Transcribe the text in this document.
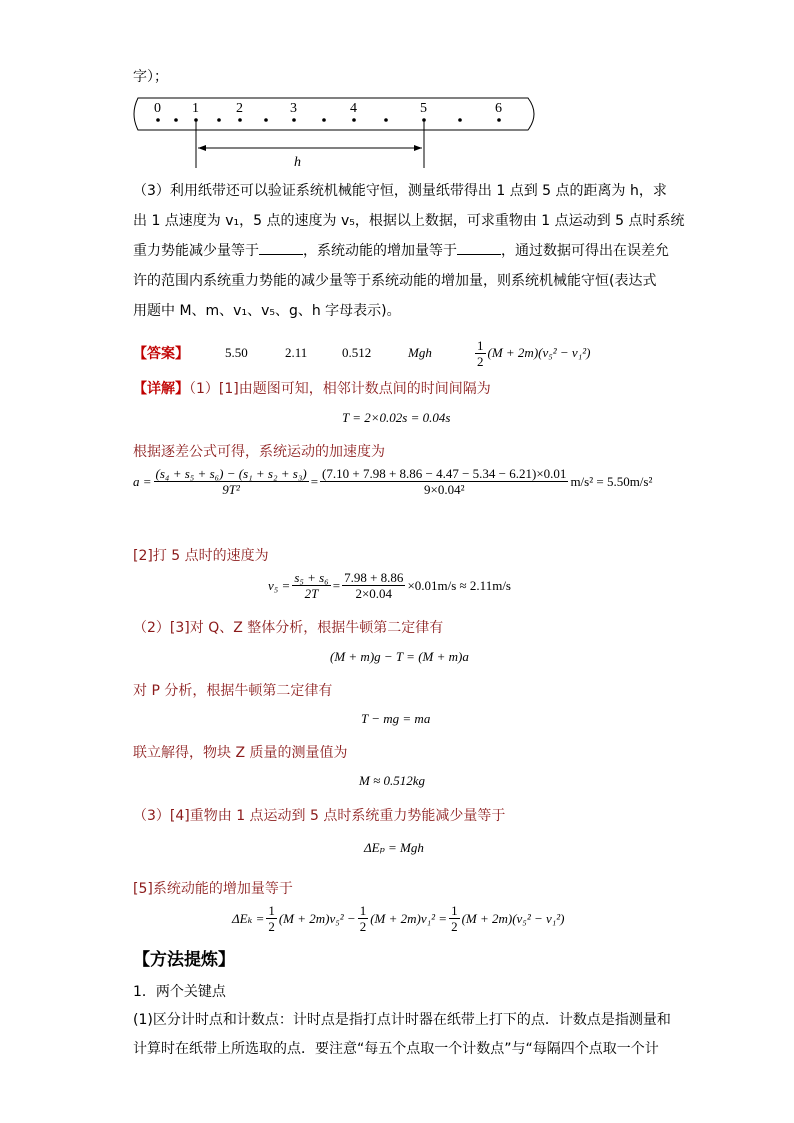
字）；
0 1	2	3	4	5	6
h
（3）利用纸带还可以验证系统机械能守恒，测量纸带得出 1 点到 5 点的距离为 h，求
出 1 点速度为 v₁，5 点的速度为 v₅，根据以上数据，可求重物由 1 点运动到 5 点时系统
重力势能减少量等于	，系统动能的增加量等于	，通过数据可得出在误差允
许的范围内系统重力势能的减少量等于系统动能的增加量，则系统机械能守恒(表达式
用题中 M、m、v₁、v₅、g、h 字母表示)。
【答案】	5.50	2.11	0.512	Mgh	$\frac{1}{2} (M + 2m)(v_5^2 - v_1^2)$
【详解】（1）[1]由题图可知，相邻计数点间的时间间隔为
T = 2×0.02s = 0.04s
根据逐差公式可得，系统运动的加速度为
$a = \frac{\text{(s₄ + s₅ + s₆) − (s₁ + s₂ + s₃)}}{\text{9T²}} = \frac{(7.10 + 7.98 + 8.86 - 4.47 - 5.34 - 6.21)\times 0.01}{\text{9×0.04²}} m/s^2 = 5.50m/s^2$
[2]打 5 点时的速度为
$v_5 = \frac{\text{s₅ + s₆}}{2T} = \frac{7.98 + 8.86}{2\times 0.04} \times 0.01m/s \approx 2.11m/s$
（2）[3]对 Q、Z 整体分析，根据牛顿第二定律有
(M + m)g − T = (M + m)a
对 P 分析，根据牛顿第二定律有
T − mg = ma
联立解得，物块 Z 质量的测量值为
M ≈ 0.512kg
（3）[4]重物由 1 点运动到 5 点时系统重力势能减少量等于
ΔEₚ = Mgh
[5]系统动能的增加量等于
$\Delta E_k = \frac{1}{2} (M + 2m)v_5^2 - \frac{1}{2} (M + 2m)v_1^2 = \frac{1}{2} (M + 2m)(v_5^2 - v_1^2)$
【方法提炼】
1．两个关键点
(1)区分计时点和计数点：计时点是指打点计时器在纸带上打下的点．计数点是指测量和
计算时在纸带上所选取的点．要注意“每五个点取一个计数点”与“每隔四个点取一个计
